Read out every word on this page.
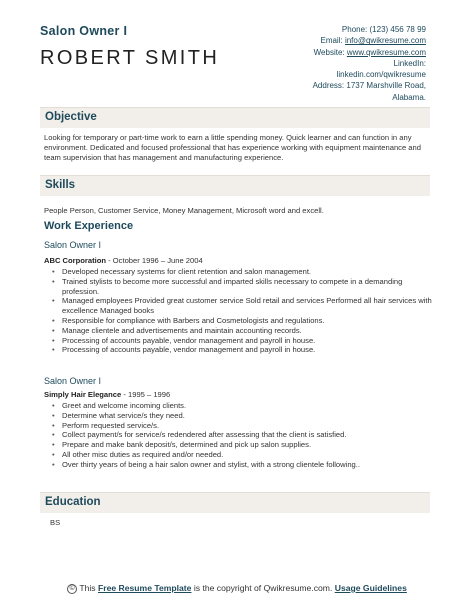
Salon Owner I
ROBERT SMITH
Phone: (123) 456 78 99
Email: info@qwikresume.com
Website: www.qwikresume.com
LinkedIn:
linkedin.com/qwikresume
Address: 1737 Marshville Road,
Alabama.
Objective
Looking for temporary or part-time work to earn a little spending money. Quick learner and can function in any environment. Dedicated and focused professional that has experience working with equipment maintenance and team supervision that has management and manufacturing experience.
Skills
People Person, Customer Service, Money Management, Microsoft word and excell.
Work Experience
Salon Owner I
ABC Corporation - October 1996 – June 2004
• Developed necessary systems for client retention and salon management.
• Trained stylists to become more successful and imparted skills necessary to compete in a demanding profession.
• Managed employees Provided great customer service Sold retail and services Performed all hair services with excellence Managed books
• Responsible for compliance with Barbers and Cosmetologists and regulations.
• Manage clientele and advertisements and maintain accounting records.
• Processing of accounts payable, vendor management and payroll in house.
• Processing of accounts payable, vendor management and payroll in house.
Salon Owner I
Simply Hair Elegance - 1995 – 1996
• Greet and welcome incoming clients.
• Determine what service/s they need.
• Perform requested service/s.
• Collect payment/s for service/s redendered after assessing that the client is satisfied.
• Prepare and make bank deposit/s, determined and pick up salon supplies.
• All other misc duties as required and/or needed.
• Over thirty years of being a hair salon owner and stylist, with a strong clientele following..
Education
BS
© This Free Resume Template is the copyright of Qwikresume.com. Usage Guidelines
